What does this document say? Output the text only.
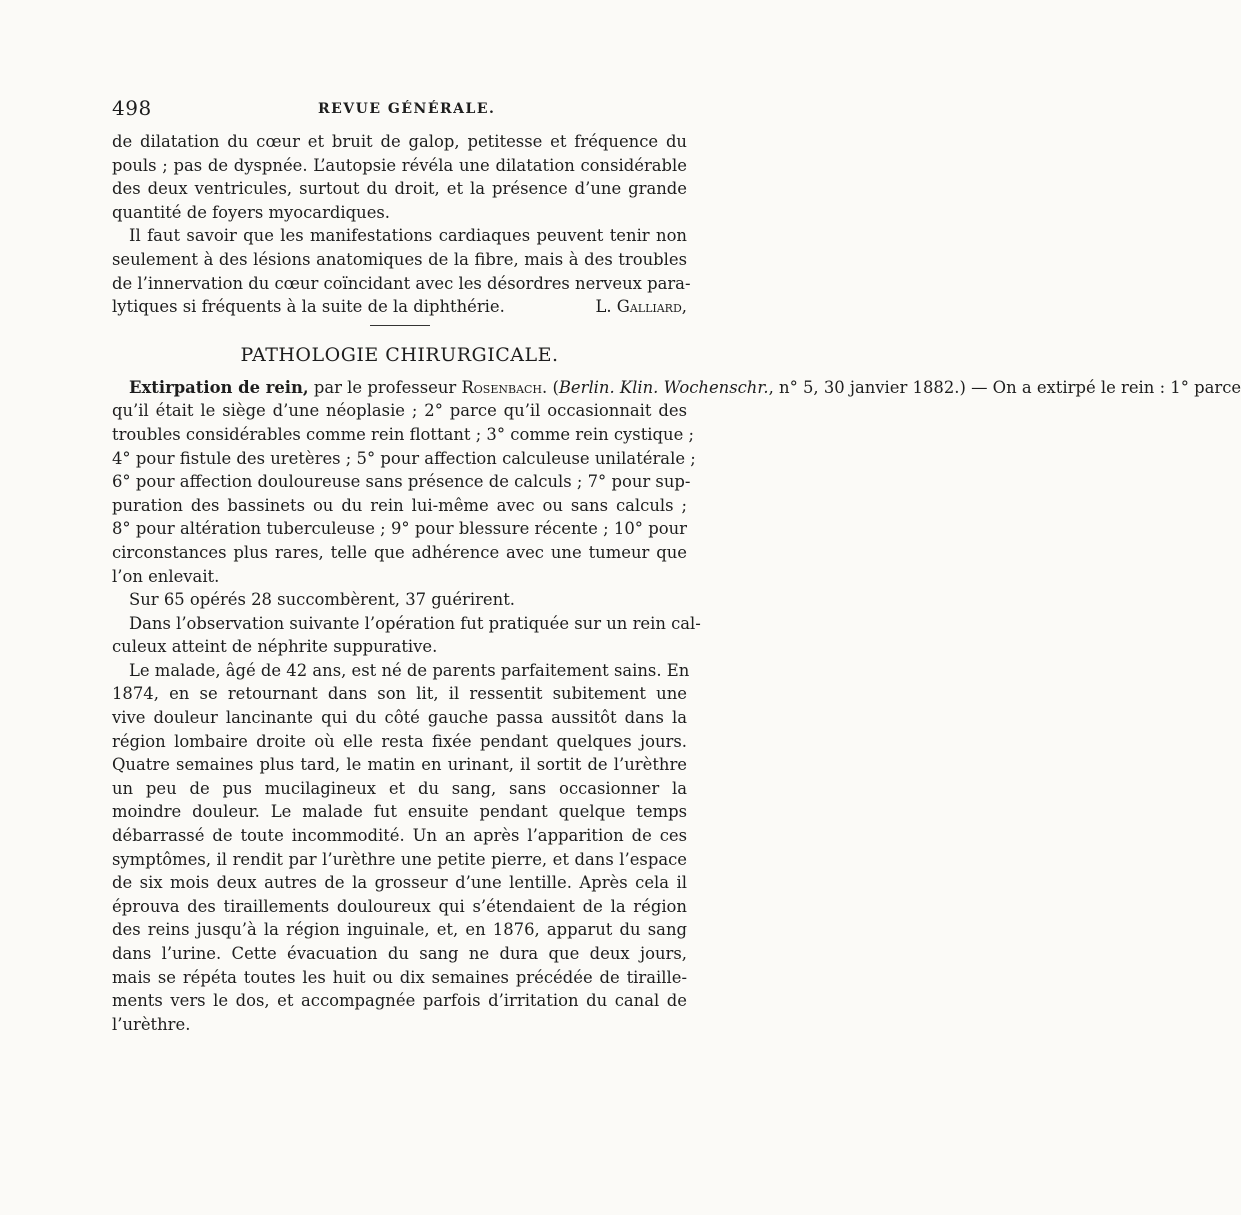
498	REVUE GÉNÉRALE.
de dilatation du cœur et bruit de galop, petitesse et fréquence du
pouls ; pas de dyspnée. L’autopsie révéla une dilatation considérable
des deux ventricules, surtout du droit, et la présence d’une grande
quantité de foyers myocardiques.
Il faut savoir que les manifestations cardiaques peuvent tenir non
seulement à des lésions anatomiques de la fibre, mais à des troubles
de l’innervation du cœur coïncidant avec les désordres nerveux para-
lytiques si fréquents à la suite de la diphthérie.	L. Galliard,
PATHOLOGIE CHIRURGICALE.
Extirpation de rein, par le professeur Rosenbach. (Berlin. Klin. Wochenschr., n° 5, 30 janvier 1882.) — On a extirpé le rein : 1° parce
qu’il était le siège d’une néoplasie ; 2° parce qu’il occasionnait des
troubles considérables comme rein flottant ; 3° comme rein cystique ;
4° pour fistule des uretères ; 5° pour affection calculeuse unilatérale ;
6° pour affection douloureuse sans présence de calculs ; 7° pour sup-
puration des bassinets ou du rein lui-même avec ou sans calculs ;
8° pour altération tuberculeuse ; 9° pour blessure récente ; 10° pour
circonstances plus rares, telle que adhérence avec une tumeur que
l’on enlevait.
Sur 65 opérés 28 succombèrent, 37 guérirent.
Dans l’observation suivante l’opération fut pratiquée sur un rein cal-
culeux atteint de néphrite suppurative.
Le malade, âgé de 42 ans, est né de parents parfaitement sains. En
1874, en se retournant dans son lit, il ressentit subitement une
vive douleur lancinante qui du côté gauche passa aussitôt dans la
région lombaire droite où elle resta fixée pendant quelques jours.
Quatre semaines plus tard, le matin en urinant, il sortit de l’urèthre
un peu de pus mucilagineux et du sang, sans occasionner la
moindre douleur. Le malade fut ensuite pendant quelque temps
débarrassé de toute incommodité. Un an après l’apparition de ces
symptômes, il rendit par l’urèthre une petite pierre, et dans l’espace
de six mois deux autres de la grosseur d’une lentille. Après cela il
éprouva des tiraillements douloureux qui s’étendaient de la région
des reins jusqu’à la région inguinale, et, en 1876, apparut du sang
dans l’urine. Cette évacuation du sang ne dura que deux jours,
mais se répéta toutes les huit ou dix semaines précédée de tiraille-
ments vers le dos, et accompagnée parfois d’irritation du canal de
l’urèthre.
